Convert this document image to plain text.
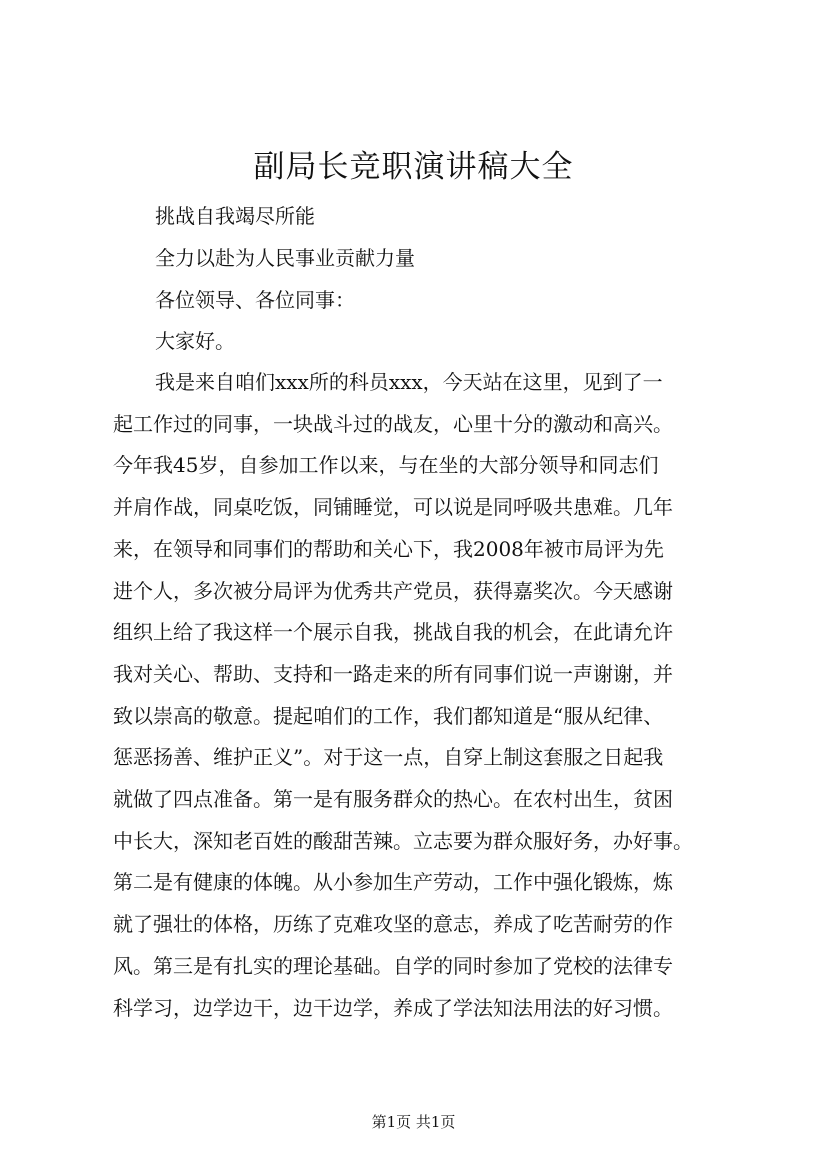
副局长竞职演讲稿大全

挑战自我竭尽所能

全力以赴为人民事业贡献力量

各位领导、各位同事：

大家好。

我是来自咱们xxx所的科员xxx，今天站在这里，见到了一
起工作过的同事，一块战斗过的战友，心里十分的激动和高兴。
今年我45岁，自参加工作以来，与在坐的大部分领导和同志们
并肩作战，同桌吃饭，同铺睡觉，可以说是同呼吸共患难。几年
来，在领导和同事们的帮助和关心下，我2008年被市局评为先
进个人，多次被分局评为优秀共产党员，获得嘉奖次。今天感谢
组织上给了我这样一个展示自我，挑战自我的机会，在此请允许
我对关心、帮助、支持和一路走来的所有同事们说一声谢谢，并
致以崇高的敬意。提起咱们的工作，我们都知道是“服从纪律、
惩恶扬善、维护正义”。对于这一点，自穿上制这套服之日起我
就做了四点准备。第一是有服务群众的热心。在农村出生，贫困
中长大，深知老百姓的酸甜苦辣。立志要为群众服好务，办好事。
第二是有健康的体魄。从小参加生产劳动，工作中强化锻炼，炼
就了强壮的体格，历练了克难攻坚的意志，养成了吃苦耐劳的作
风。第三是有扎实的理论基础。自学的同时参加了党校的法律专
科学习，边学边干，边干边学，养成了学法知法用法的好习惯。

第1页 共1页
